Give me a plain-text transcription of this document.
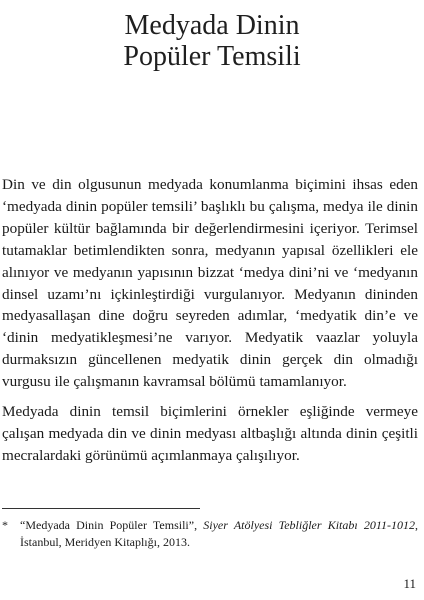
Medyada Dinin
Popüler Temsili

Din ve din olgusunun medyada konumlanma biçimini ihsas eden ‘medyada dinin popüler temsili’ başlıklı bu çalışma, medya ile dinin popüler kültür bağlamında bir değerlendirmesini içeriyor. Terimsel tutamaklar betimlendikten sonra, medyanın yapısal özellikleri ele alınıyor ve medyanın yapısının bizzat ‘medya dini’ni ve ‘medyanın dinsel uzamı’nı içkinleştirdiği vurgulanıyor. Medyanın dininden medyasallaşan dine doğru seyreden adımlar, ‘medyatik din’e ve ‘dinin medyatikleşmesi’ne varıyor. Medyatik vaazlar yoluyla durmaksızın güncellenen medyatik dinin gerçek din olmadığı vurgusu ile çalışmanın kavramsal bölümü tamamlanıyor.

Medyada dinin temsil biçimlerini örnekler eşliğinde vermeye çalışan medyada din ve dinin medyası altbaşlığı altında dinin çeşitli mecralardaki görünümü açımlanmaya çalışılıyor.

*	“Medyada Dinin Popüler Temsili”, Siyer Atölyesi Tebliğler Kitabı 2011-1012, İstanbul, Meridyen Kitaplığı, 2013.
11
